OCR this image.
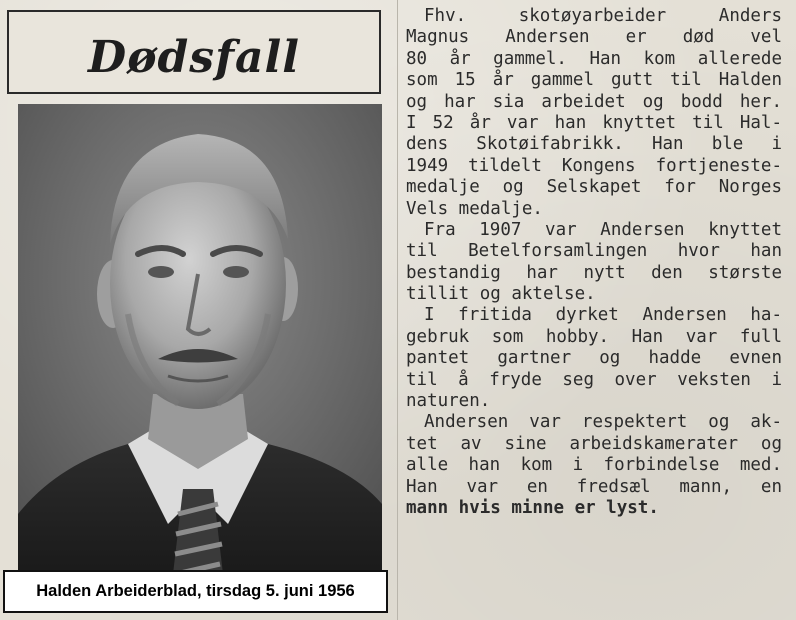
Dødsfall
Fhv. skotøyarbeider Anders
Magnus Andersen er død vel
80 år gammel. Han kom allerede
som 15 år gammel gutt til Halden
og har sia arbeidet og bodd her.
I 52 år var han knyttet til Hal-
dens Skotøifabrikk. Han ble i
1949 tildelt Kongens fortjeneste-
medalje og Selskapet for Norges
Vels medalje.
Fra 1907 var Andersen knyttet
til Betelforsamlingen hvor han
bestandig har nytt den største
tillit og aktelse.
I fritida dyrket Andersen ha-
gebruk som hobby. Han var full
pantet gartner og hadde evnen
til å fryde seg over veksten i
naturen.
Andersen var respektert og ak-
tet av sine arbeidskamerater og
alle han kom i forbindelse med.
Han var en fredsæl mann, en
mann hvis minne er lyst.
Halden Arbeiderblad, tirsdag 5. juni 1956
